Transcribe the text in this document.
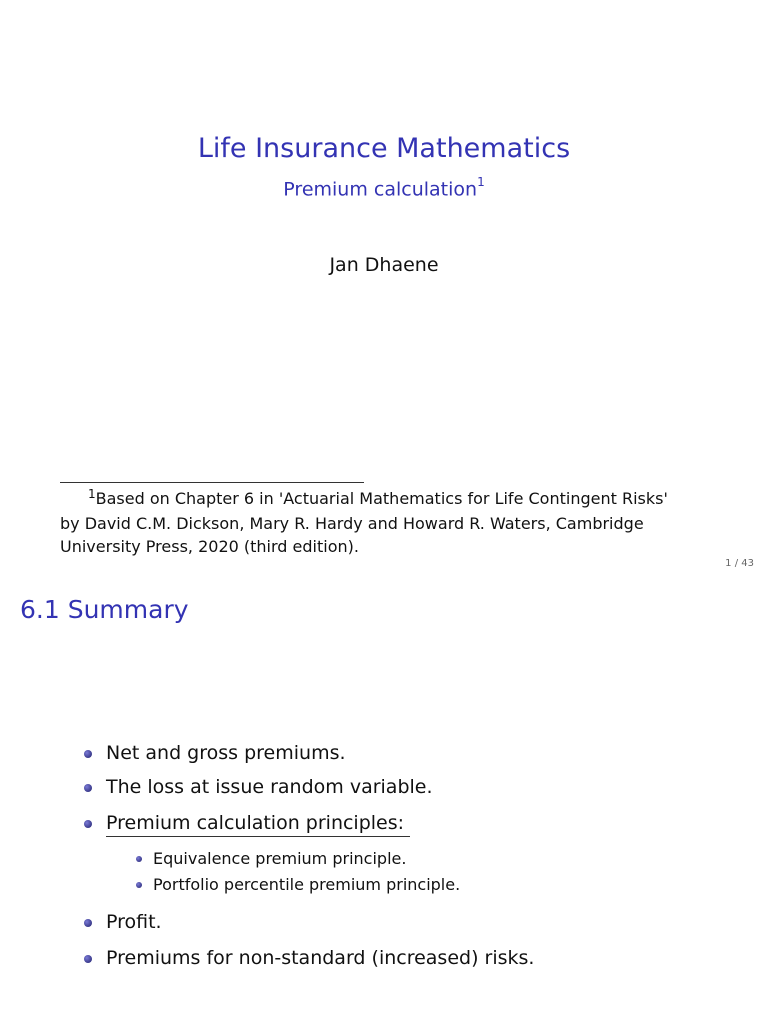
Life Insurance Mathematics
Premium calculation$^1$
Jan Dhaene
$^1$Based on Chapter 6 in 'Actuarial Mathematics for Life Contingent Risks'
by David C.M. Dickson, Mary R. Hardy and Howard R. Waters, Cambridge
University Press, 2020 (third edition).
1 / 43
6.1 Summary
Net and gross premiums.
The loss at issue random variable.
Premium calculation principles:
Equivalence premium principle.
Portfolio percentile premium principle.
Profit.
Premiums for non-standard (increased) risks.
